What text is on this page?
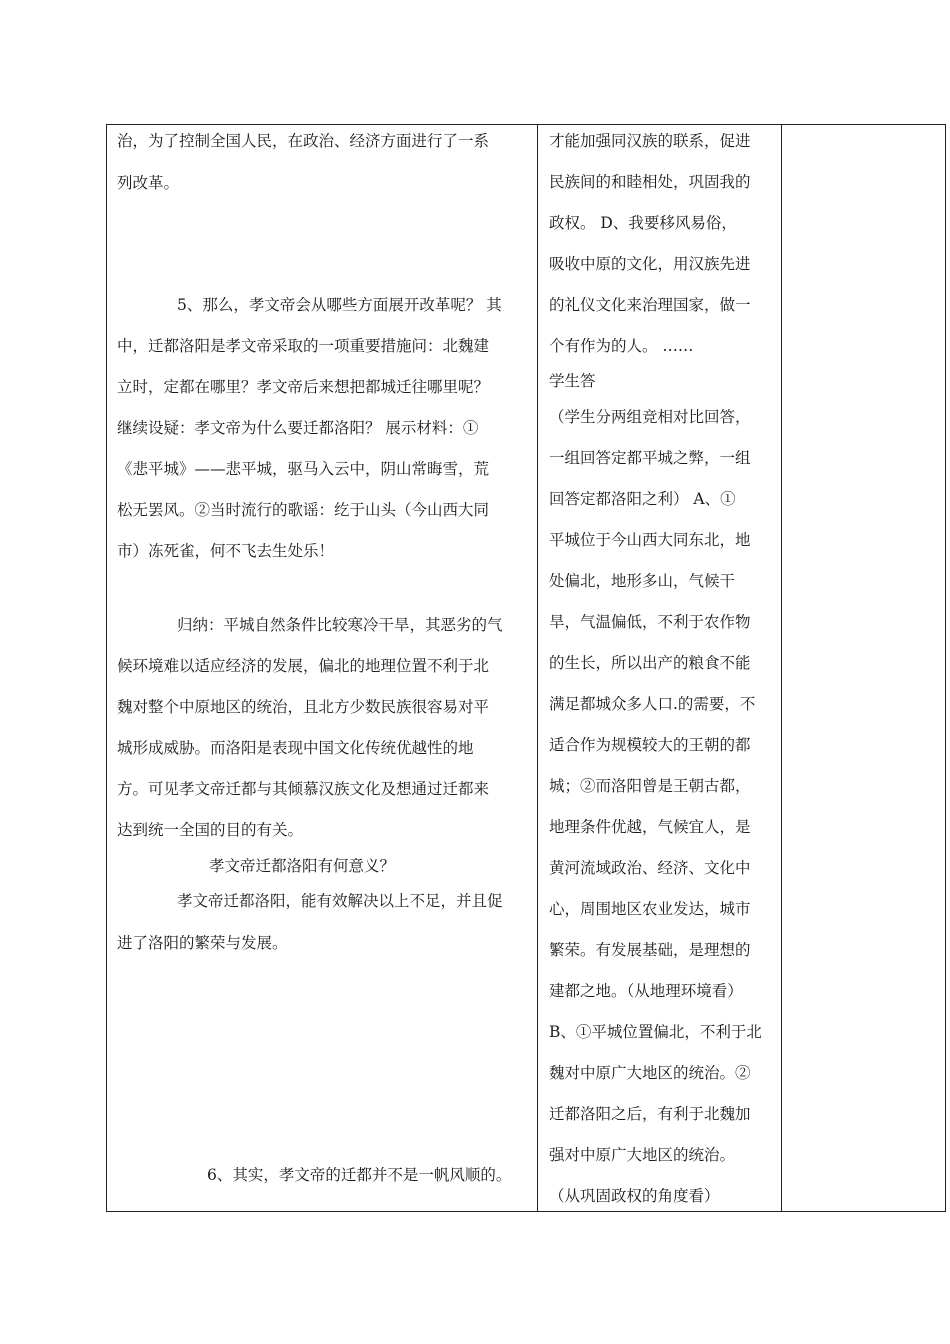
治，为了控制全国人民，在政治、经济方面进行了一系
列改革。
5、那么，孝文帝会从哪些方面展开改革呢？ 其
中，迁都洛阳是孝文帝采取的一项重要措施问：北魏建
立时，定都在哪里？孝文帝后来想把都城迁往哪里呢？
继续设疑：孝文帝为什么要迁都洛阳？ 展示材料：①
《悲平城》——悲平城，驱马入云中，阴山常晦雪，荒
松无罢风。②当时流行的歌谣：纥于山头（今山西大同
市）冻死雀，何不飞去生处乐！
归纳：平城自然条件比较寒冷干旱，其恶劣的气
候环境难以适应经济的发展，偏北的地理位置不利于北
魏对整个中原地区的统治，且北方少数民族很容易对平
城形成威胁。而洛阳是表现中国文化传统优越性的地
方。可见孝文帝迁都与其倾慕汉族文化及想通过迁都来
达到统一全国的目的有关。
孝文帝迁都洛阳有何意义？
孝文帝迁都洛阳，能有效解决以上不足，并且促
进了洛阳的繁荣与发展。
6、其实，孝文帝的迁都并不是一帆风顺的。
才能加强同汉族的联系，促进
民族间的和睦相处，巩固我的
政权。 D、我要移风易俗，
吸收中原的文化，用汉族先进
的礼仪文化来治理国家，做一
个有作为的人。 ……
学生答
（学生分两组竞相对比回答，
一组回答定都平城之弊，一组
回答定都洛阳之利） A、①
平城位于今山西大同东北，地
处偏北，地形多山，气候干
旱，气温偏低，不利于农作物
的生长，所以出产的粮食不能
满足都城众多人口.的需要，不
适合作为规模较大的王朝的都
城；②而洛阳曾是王朝古都，
地理条件优越，气候宜人，是
黄河流域政治、经济、文化中
心，周围地区农业发达，城市
繁荣。有发展基础，是理想的
建都之地。（从地理环境看）
B、①平城位置偏北，不利于北
魏对中原广大地区的统治。②
迁都洛阳之后，有利于北魏加
强对中原广大地区的统治。
（从巩固政权的角度看）
